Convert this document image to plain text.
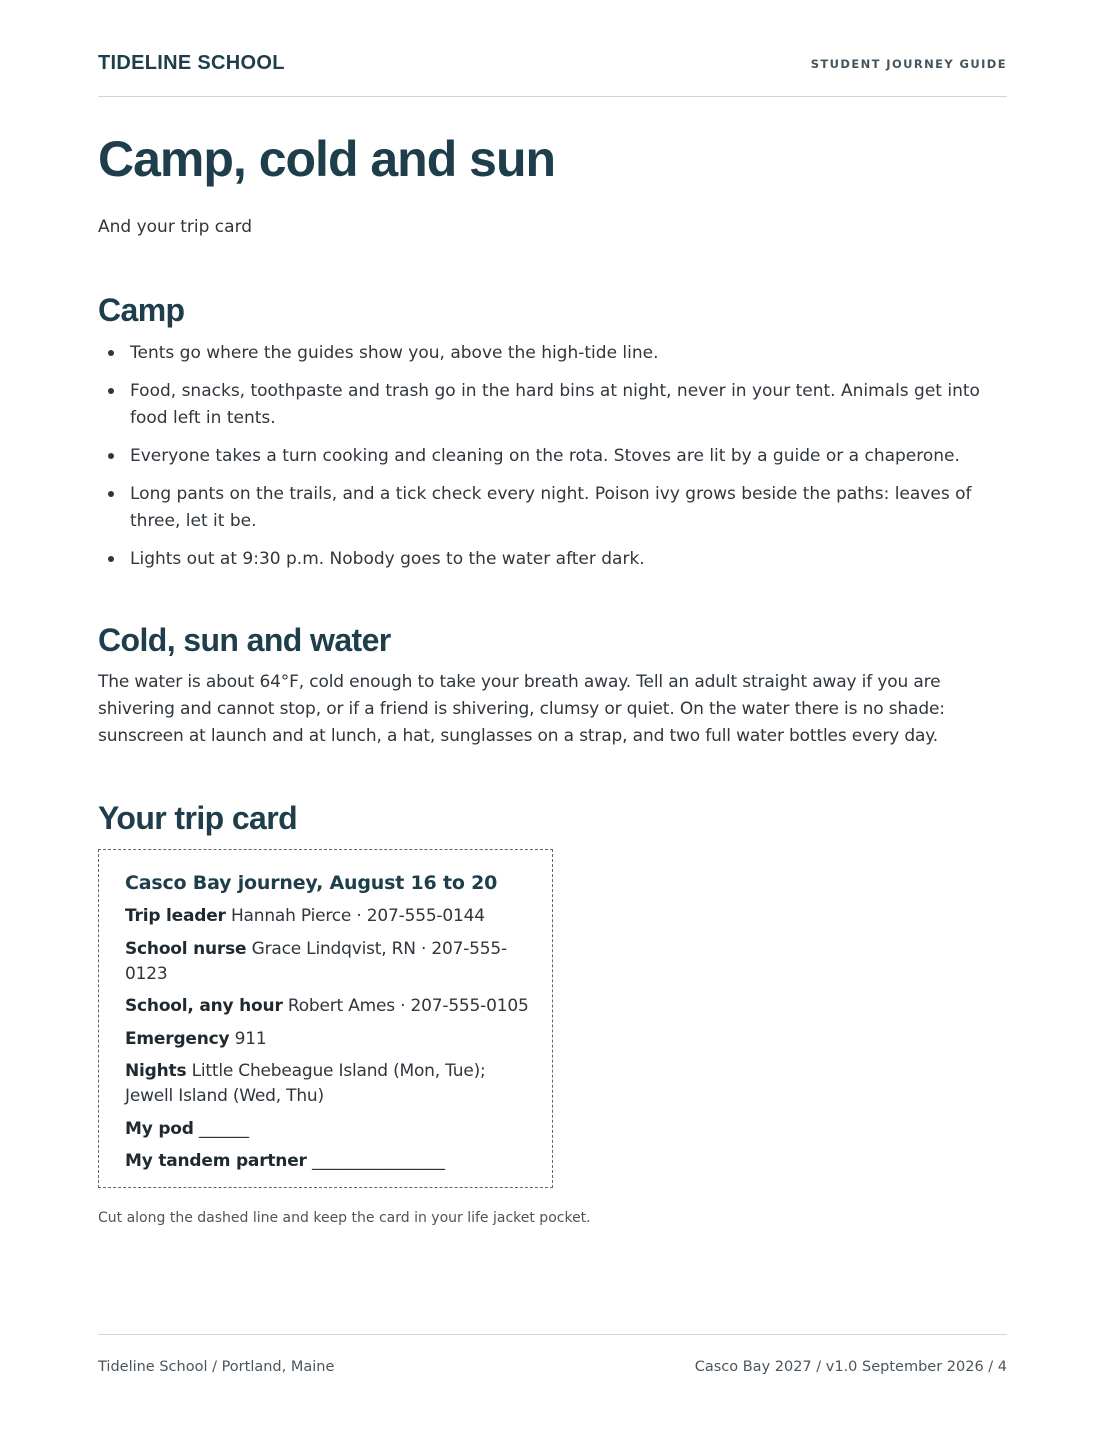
TIDELINE SCHOOL	STUDENT JOURNEY GUIDE
Camp, cold and sun
And your trip card
Camp
Tents go where the guides show you, above the high-tide line.
Food, snacks, toothpaste and trash go in the hard bins at night, never in your tent. Animals get into food left in tents.
Everyone takes a turn cooking and cleaning on the rota. Stoves are lit by a guide or a chaperone.
Long pants on the trails, and a tick check every night. Poison ivy grows beside the paths: leaves of three, let it be.
Lights out at 9:30 p.m. Nobody goes to the water after dark.
Cold, sun and water

The water is about 64°F, cold enough to take your breath away. Tell an adult straight away if you are shivering and cannot stop, or if a friend is shivering, clumsy or quiet. On the water there is no shade: sunscreen at launch and at lunch, a hat, sunglasses on a strap, and two full water bottles every day.

Your trip card
Casco Bay journey, August 16 to 20
Trip leader Hannah Pierce · 207-555-0144
School nurse Grace Lindqvist, RN · 207-555-0123
School, any hour Robert Ames · 207-555-0105
Emergency 911
Nights Little Chebeague Island (Mon, Tue); Jewell Island (Wed, Thu)
My pod ______
My tandem partner ________________
Cut along the dashed line and keep the card in your life jacket pocket.
Tideline School / Portland, Maine	Casco Bay 2027 / v1.0 September 2026 / 4
